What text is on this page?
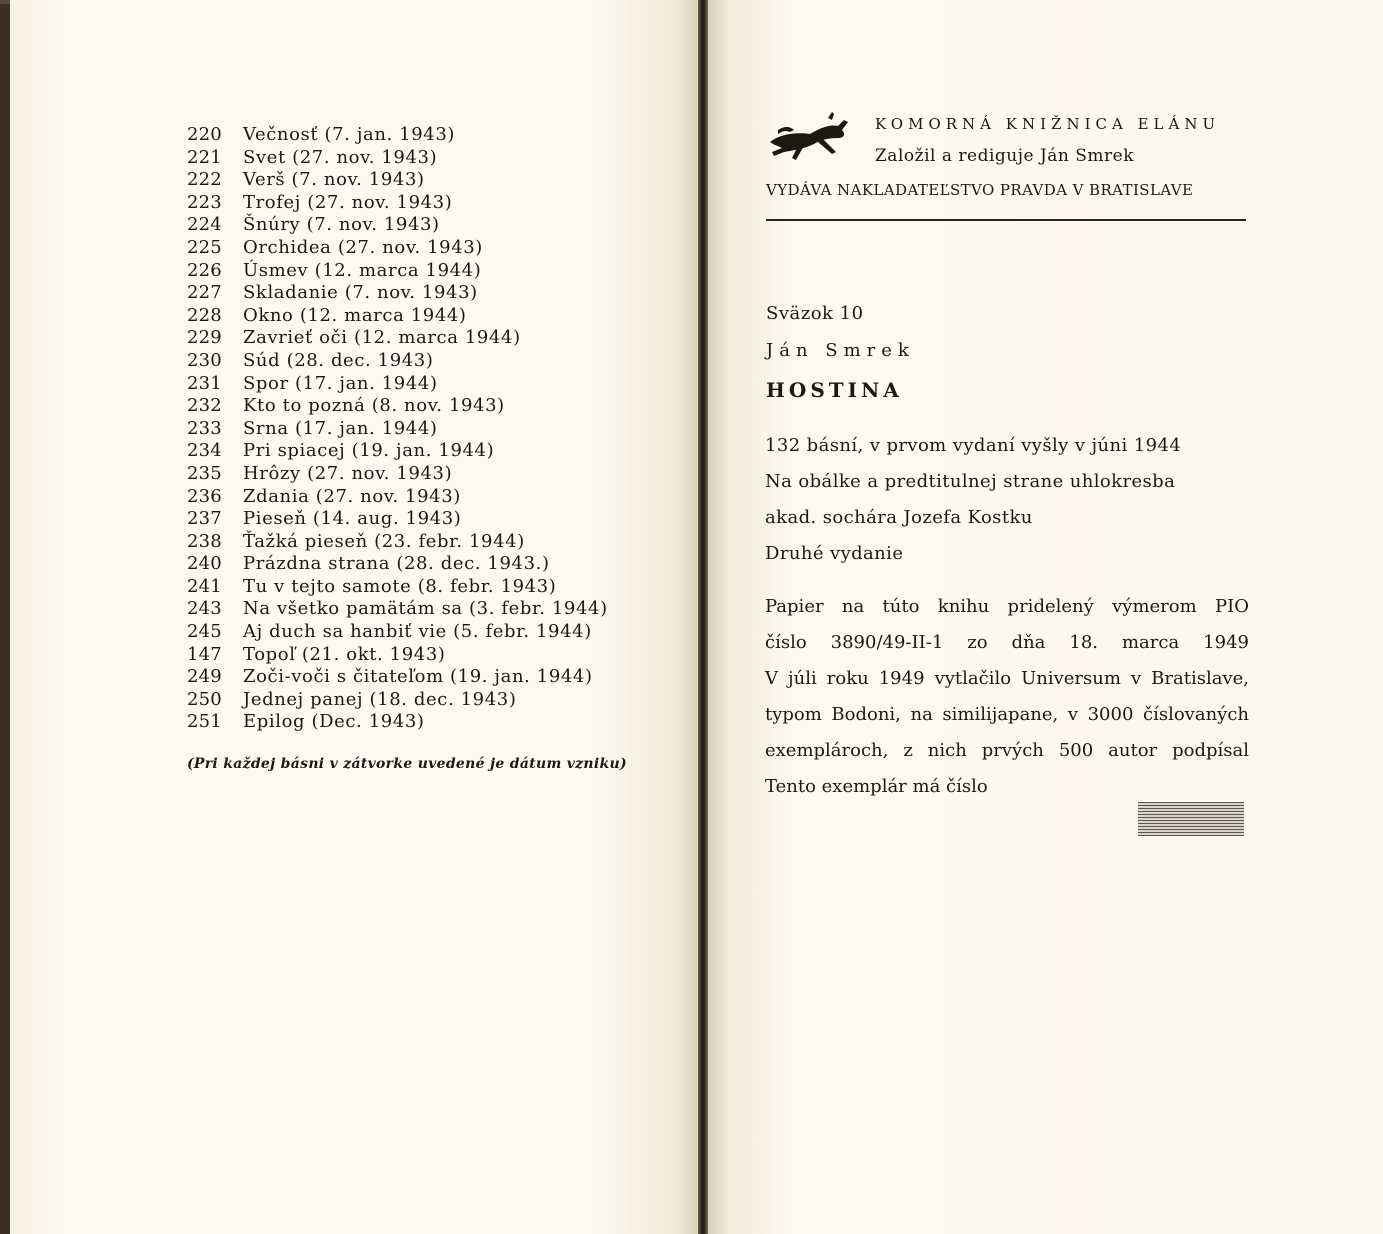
220	Večnosť (7. jan. 1943)
221	Svet (27. nov. 1943)
222	Verš (7. nov. 1943)
223	Trofej (27. nov. 1943)
224	Šnúry (7. nov. 1943)
225	Orchidea (27. nov. 1943)
226	Úsmev (12. marca 1944)
227	Skladanie (7. nov. 1943)
228	Okno (12. marca 1944)
229	Zavrieť oči (12. marca 1944)
230	Súd (28. dec. 1943)
231	Spor (17. jan. 1944)
232	Kto to pozná (8. nov. 1943)
233	Srna (17. jan. 1944)
234	Pri spiacej (19. jan. 1944)
235	Hrôzy (27. nov. 1943)
236	Zdania (27. nov. 1943)
237	Pieseň (14. aug. 1943)
238	Ťažká pieseň (23. febr. 1944)
240	Prázdna strana (28. dec. 1943.)
241	Tu v tejto samote (8. febr. 1943)
243	Na všetko pamätám sa (3. febr. 1944)
245	Aj duch sa hanbiť vie (5. febr. 1944)
147	Topoľ (21. okt. 1943)
249	Zoči-voči s čitateľom (19. jan. 1944)
250	Jednej panej (18. dec. 1943)
251	Epilog (Dec. 1943)
(Pri každej básni v zátvorke uvedené je dátum vzniku)
KOMORNÁ KNIŽNICA ELÁNU
Založil a rediguje Ján Smrek
VYDÁVA NAKLADATEĽSTVO PRAVDA V BRATISLAVE
Sväzok 10
Ján Smrek
HOSTINA
132 básní, v prvom vydaní vyšly v júni 1944
Na obálke a predtitulnej strane uhlokresba
akad. sochára Jozefa Kostku
Druhé vydanie
Papier na túto knihu pridelený výmerom PIO
číslo 3890/49-II-1 zo dňa 18. marca 1949
V júli roku 1949 vytlačilo Universum v Bratislave,
typom Bodoni, na similijapane, v 3000 číslovaných
exemplároch, z nich prvých 500 autor podpísal
Tento exemplár má číslo
